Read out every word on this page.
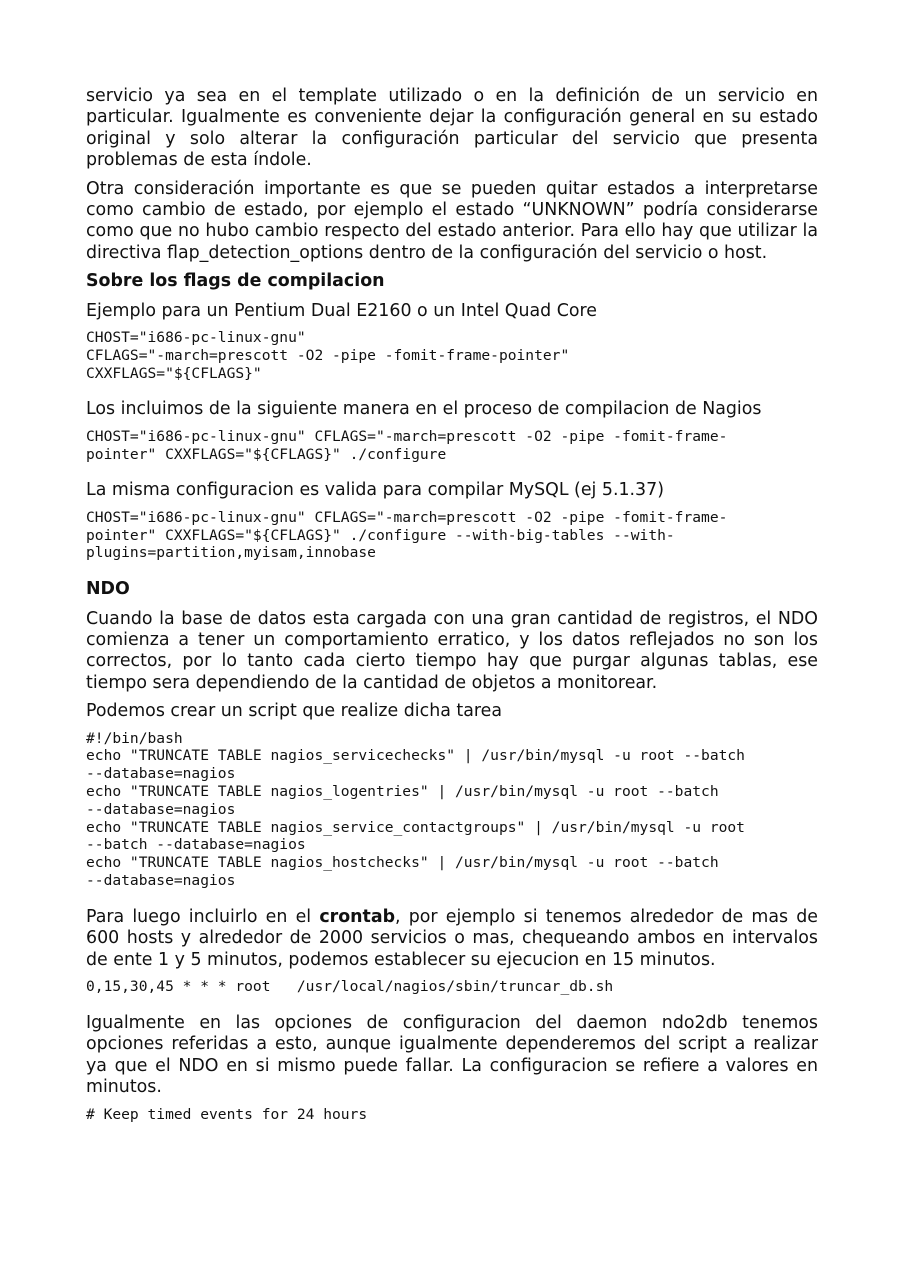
servicio ya sea en el template utilizado o en la definición de un servicio en particular. Igualmente es conveniente dejar la configuración general en su estado original y solo alterar la configuración particular del servicio que presenta problemas de esta índole.

Otra consideración importante es que se pueden quitar estados a interpretarse como cambio de estado, por ejemplo el estado “UNKNOWN” podría considerarse como que no hubo cambio respecto del estado anterior. Para ello hay que utilizar la directiva flap_detection_options dentro de la configuración del servicio o host.

Sobre los flags de compilacion

Ejemplo para un Pentium Dual E2160 o un Intel Quad Core

CHOST="i686-pc-linux-gnu"
CFLAGS="-march=prescott -O2 -pipe -fomit-frame-pointer"
CXXFLAGS="${CFLAGS}"

Los incluimos de la siguiente manera en el proceso de compilacion de Nagios

CHOST="i686-pc-linux-gnu" CFLAGS="-march=prescott -O2 -pipe -fomit-frame-
pointer" CXXFLAGS="${CFLAGS}" ./configure

La misma configuracion es valida para compilar MySQL (ej 5.1.37)

CHOST="i686-pc-linux-gnu" CFLAGS="-march=prescott -O2 -pipe -fomit-frame-
pointer" CXXFLAGS="${CFLAGS}" ./configure --with-big-tables --with-
plugins=partition,myisam,innobase
NDO

Cuando la base de datos esta cargada con una gran cantidad de registros, el NDO comienza a tener un comportamiento erratico, y los datos reflejados no son los correctos, por lo tanto cada cierto tiempo hay que purgar algunas tablas, ese tiempo sera dependiendo de la cantidad de objetos a monitorear.

Podemos crear un script que realize dicha tarea

#!/bin/bash
echo "TRUNCATE TABLE nagios_servicechecks" | /usr/bin/mysql -u root --batch
--database=nagios
echo "TRUNCATE TABLE nagios_logentries" | /usr/bin/mysql -u root --batch
--database=nagios
echo "TRUNCATE TABLE nagios_service_contactgroups" | /usr/bin/mysql -u root
--batch --database=nagios
echo "TRUNCATE TABLE nagios_hostchecks" | /usr/bin/mysql -u root --batch
--database=nagios

Para luego incluirlo en el crontab, por ejemplo si tenemos alrededor de mas de 600 hosts y alrededor de 2000 servicios o mas, chequeando ambos en intervalos de ente 1 y 5 minutos, podemos establecer su ejecucion en 15 minutos.

0,15,30,45 * * * root   /usr/local/nagios/sbin/truncar_db.sh

Igualmente en las opciones de configuracion del daemon ndo2db tenemos opciones referidas a esto, aunque igualmente dependeremos del script a realizar ya que el NDO en si mismo puede fallar. La configuracion se refiere a valores en minutos.

# Keep timed events for 24 hours
